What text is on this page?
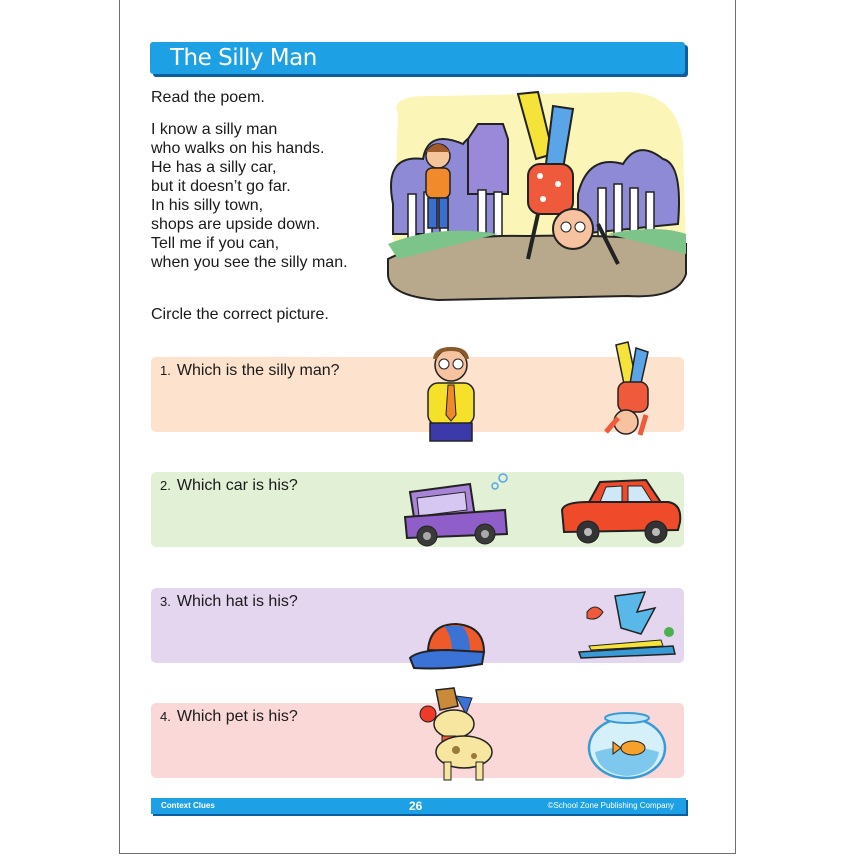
The Silly Man
Read the poem.
I know a silly man
who walks on his hands.
He has a silly car,
but it doesn’t go far.
In his silly town,
shops are upside down.
Tell me if you can,
when you see the silly man.
Circle the correct picture.
1. Which is the silly man?
2. Which car is his?
3. Which hat is his?
4. Which pet is his?
Context Clues	26	©School Zone Publishing Company
